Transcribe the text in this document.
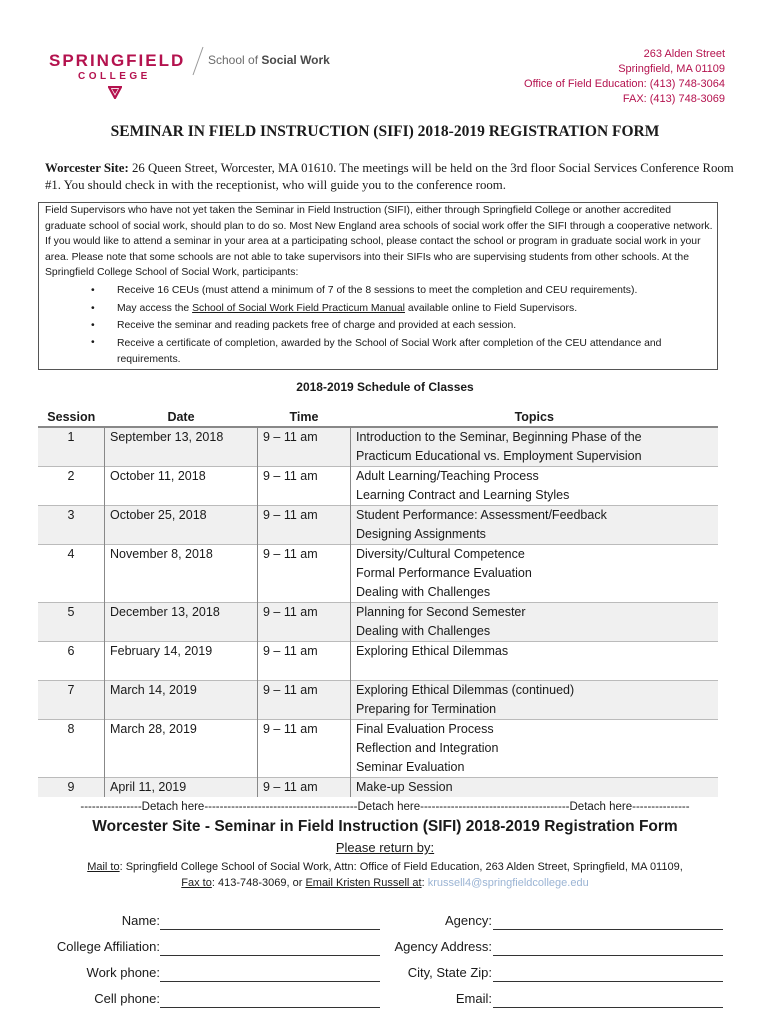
SPRINGFIELD
COLLEGE
School of Social Work	263 Alden Street
Springfield, MA 01109
Office of Field Education: (413) 748-3064
FAX: (413) 748-3069
SEMINAR IN FIELD INSTRUCTION (SIFI) 2018-2019 REGISTRATION FORM
Worcester Site: 26 Queen Street, Worcester, MA 01610. The meetings will be held on the 3rd floor Social Services Conference Room #1. You should check in with the receptionist, who will guide you to the conference room.
Field Supervisors who have not yet taken the Seminar in Field Instruction (SIFI), either through Springfield College or another accredited graduate school of social work, should plan to do so. Most New England area schools of social work offer the SIFI through a cooperative network. If you would like to attend a seminar in your area at a participating school, please contact the school or program in graduate social work in your area. Please note that some schools are not able to take supervisors into their SIFIs who are supervising students from other schools. At the Springfield College School of Social Work, participants:
• Receive 16 CEUs (must attend a minimum of 7 of the 8 sessions to meet the completion and CEU requirements).
• May access the School of Social Work Field Practicum Manual available online to Field Supervisors.
• Receive the seminar and reading packets free of charge and provided at each session.
• Receive a certificate of completion, awarded by the School of Social Work after completion of the CEU attendance and requirements.
2018-2019 Schedule of Classes
Session	Date	Time	Topics
1	September 13, 2018	9 – 11 am	Introduction to the Seminar, Beginning Phase of the
Practicum Educational vs. Employment Supervision

2	October 11, 2018	9 – 11 am	Adult Learning/Teaching Process
Learning Contract and Learning Styles

3	October 25, 2018	9 – 11 am	Student Performance: Assessment/Feedback
Designing Assignments

4	November 8, 2018	9 – 11 am	Diversity/Cultural Competence
Formal Performance Evaluation
Dealing with Challenges

5	December 13, 2018	9 – 11 am	Planning for Second Semester
Dealing with Challenges

6	February 14, 2019	9 – 11 am	Exploring Ethical Dilemmas

7	March 14, 2019	9 – 11 am	Exploring Ethical Dilemmas (continued)
Preparing for Termination

8	March 28, 2019	9 – 11 am	Final Evaluation Process
Reflection and Integration
Seminar Evaluation

9	April 11, 2019	9 – 11 am	Make-up Session
----------------Detach here----------------------------------------Detach here---------------------------------------Detach here---------------
Worcester Site - Seminar in Field Instruction (SIFI) 2018-2019 Registration Form
Please return by:
Mail to: Springfield College School of Social Work, Attn: Office of Field Education, 263 Alden Street, Springfield, MA 01109,
Fax to: 413-748-3069, or Email Kristen Russell at: krussell4@springfieldcollege.edu
Name:
College Affiliation:
Work phone:
Cell phone:
Agency:
Agency Address:
City, State Zip:
Email:
